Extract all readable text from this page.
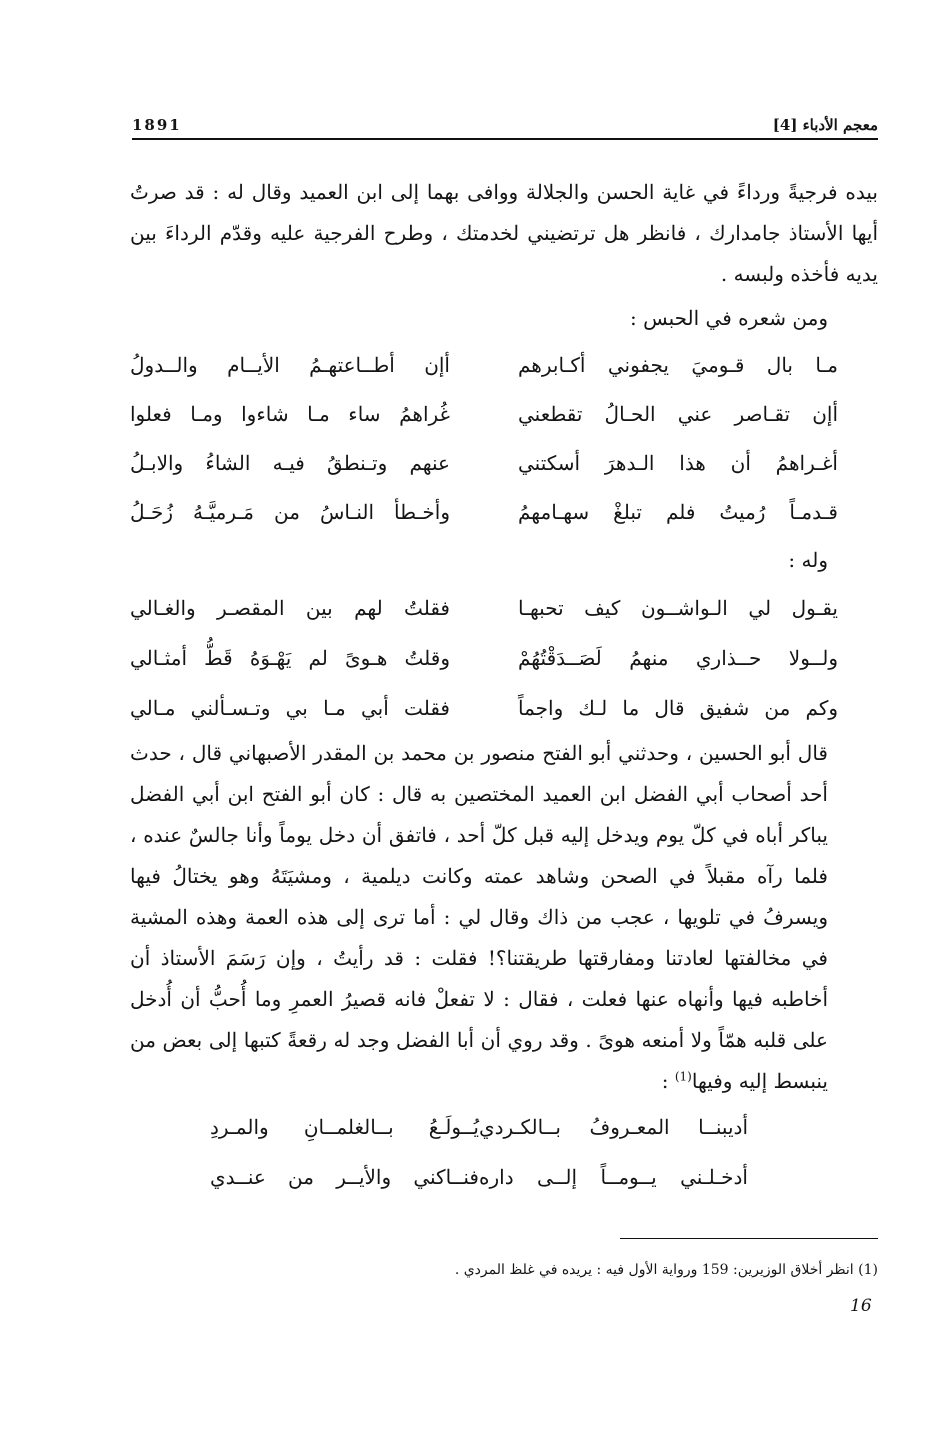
1891	معجم الأدباء [4]

بيده فرجيةً ورداءً في غاية الحسن والجلالة ووافى بهما إلى ابن العميد وقال له : قد صرتُ أيها الأستاذ جامدارك ، فانظر هل ترتضيني لخدمتك ، وطرح الفرجية عليه وقدّم الرداءَ بين يديه فأخذه ولبسه .

ومن شعره في الحبس :

مـا بال قـوميَ يجفوني أكـابرهم
أإن أطــاعتهـمُ الأيــام والــدولُ
أإن تقـاصر عني الحـالُ تقطعني
غُراهمُ ساء مـا شاءوا ومـا فعلوا
أغـراهمُ أن هذا الـدهرَ أسكتني
عنهم وتـنطقُ فيـه الشاءُ والابـلُ
قـدمـاً رُميتُ فلم تبلغْ سهـامهمُ
وأخـطأ النـاسُ من مَـرميَّـهُ زُحَـلُ

وله :

يقـول لي الـواشــون كيف تحبهـا
فقلتُ لهم بين المقصـر والغـالي
ولــولا حــذاري منهمُ لَصَــدَقْتُهُمْ
وقلتُ هـوىً لم يَهْـوَهُ قَطُّ أمثـالي
وكم من شفيق قال ما لـك واجماً
فقلت أبي مـا بي وتـسـألني مـالي

قال أبو الحسين ، وحدثني أبو الفتح منصور بن محمد بن المقدر الأصبهاني قال ، حدث أحد أصحاب أبي الفضل ابن العميد المختصين به قال : كان أبو الفتح ابن أبي الفضل يباكر أباه في كلّ يوم ويدخل إليه قبل كلّ أحد ، فاتفق أن دخل يوماً وأنا جالسٌ عنده ، فلما رآه مقبلاً في الصحن وشاهد عمته وكانت ديلمية ، ومشيَتَهُ وهو يختالُ فيها ويسرفُ في تلويها ، عجب من ذاك وقال لي : أما ترى إلى هذه العمة وهذه المشية في مخالفتها لعادتنا ومفارقتها طريقتنا؟! فقلت : قد رأيتُ ، وإن رَسَمَ الأستاذ أن أخاطبه فيها وأنهاه عنها فعلت ، فقال : لا تفعلْ فانه قصيرُ العمرِ وما أُحبُّ أن أُدخل على قلبه همّاً ولا أمنعه هوىً . وقد روي أن أبا الفضل وجد له رقعةً كتبها إلى بعض من ينبسط إليه وفيها$^{(1)}$ :

أديبنــا المعـروفُ بــالكـردي
يُــولَـعُ بــالغلمــانِ والمـردِ
أدخـلـني يــومــاً إلــى داره
فنــاكني والأيــر من عنــدي
(1) انظر أخلاق الوزيرين: 159 ورواية الأول فيه : يريده في غلظ المردي .
16
